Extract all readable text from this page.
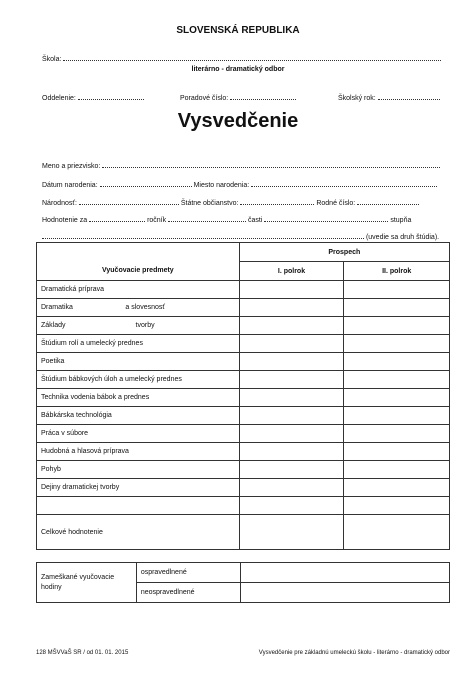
SLOVENSKÁ REPUBLIKA
Škola:
literárno - dramatický odbor
Oddelenie:	Poradové číslo:	Školský rok:
Vysvedčenie
Meno a priezvisko:
Dátum narodenia:	Miesto narodenia:
Národnosť:	Štátne občianstvo:	Rodné číslo:
Hodnotenie za	ročník	časti	stupňa
(uvedie sa druh štúdia).
	Prospech	
Vyučovacie predmety	I. polrok	II. polrok
Dramatická príprava		
Dramatika                           a slovesnosť		
Základy                                    tvorby		
Štúdium rolí a umelecký prednes		
Poetika		
Štúdium bábkových úloh a umelecký prednes		
Technika vodenia bábok a prednes		
Bábkárska technológia		
Práca v súbore		
Hudobná a hlasová príprava		
Pohyb		
Dejiny dramatickej tvorby		

Celkové hodnotenie		
Zameškané vyučovacie hodiny	ospravedlnené	
	neospravedlnené	
128 MŠVVaŠ SR / od 01. 01. 2015	Vysvedčenie pre základnú umeleckú školu - literárno - dramatický odbor
